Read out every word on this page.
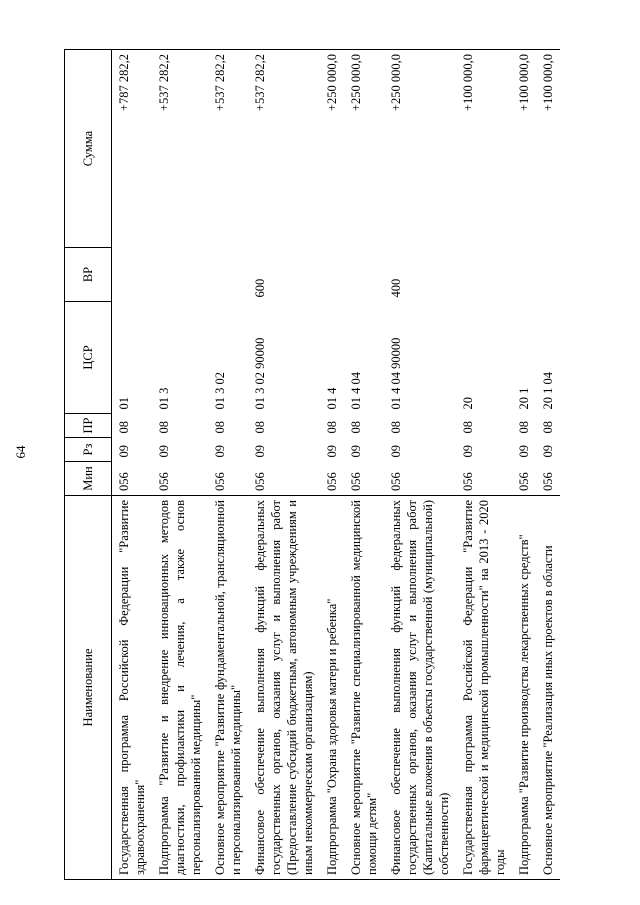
64
Наименование	Мин	Рз	ПР	ЦСР	ВР	Сумма
Государственная программа Российской Федерации "Развитие здравоохранения"	056	09	08	01		+787 282,2
Подпрограмма "Развитие и внедрение инновационных методов диагностики, профилактики и лечения, а также основ персонализированной медицины"	056	09	08	01 3		+537 282,2
Основное мероприятие "Развитие фундаментальной, трансляционной и персонализированной медицины"	056	09	08	01 3 02		+537 282,2
Финансовое обеспечение выполнения функций федеральных государственных органов, оказания услуг и выполнения работ (Предоставление субсидий бюджетным, автономным учреждениям и иным некоммерческим организациям)	056	09	08	01 3 02 90000	600	+537 282,2
Подпрограмма "Охрана здоровья матери и ребенка"	056	09	08	01 4		+250 000,0
Основное мероприятие "Развитие специализированной медицинской помощи детям"	056	09	08	01 4 04		+250 000,0
Финансовое обеспечение выполнения функций федеральных государственных органов, оказания услуг и выполнения работ (Капитальные вложения в объекты государственной (муниципальной) собственности)	056	09	08	01 4 04 90000	400	+250 000,0
Государственная программа Российской Федерации "Развитие фармацевтической и медицинской промышленности" на 2013 - 2020 годы	056	09	08	20		+100 000,0
Подпрограмма "Развитие производства лекарственных средств"	056	09	08	20 1		+100 000,0
Основное мероприятие "Реализация иных проектов в области	056	09	08	20 1 04		+100 000,0
